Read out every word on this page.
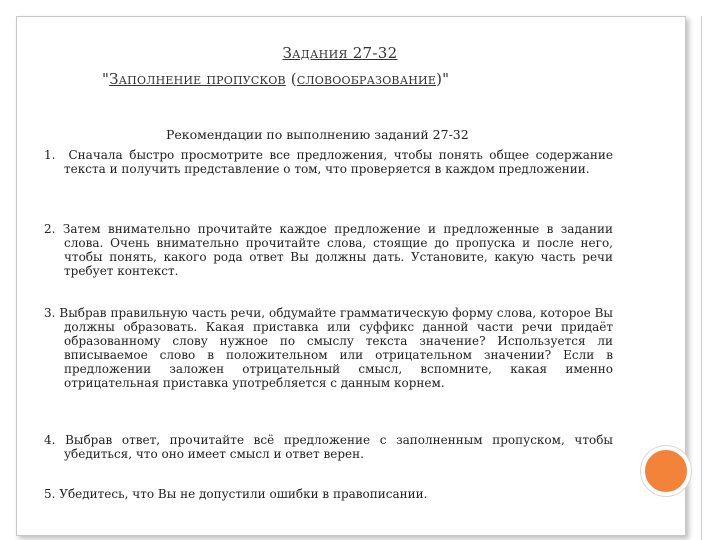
Задания 27-32
"Заполнение пропусков (словообразование)"
Рекомендации по выполнению заданий 27-32
1. Сначала быстро просмотрите все предложения, чтобы понять общее содержание текста и получить представление о том, что проверяется в каждом предложении.
2. Затем внимательно прочитайте каждое предложение и предложенные в задании слова. Очень внимательно прочитайте слова, стоящие до пропуска и после него, чтобы понять, какого рода ответ Вы должны дать. Установите, какую часть речи требует контекст.
3. Выбрав правильную часть речи, обдумайте грамматическую форму слова, которое Вы должны образовать. Какая приставка или суффикс данной части речи придаёт образованному слову нужное по смыслу текста значение? Используется ли вписываемое слово в положительном или отрицательном значении? Если в предложении заложен отрицательный смысл, вспомните, какая именно отрицательная приставка употребляется с данным корнем.
4. Выбрав ответ, прочитайте всё предложение с заполненным пропуском, чтобы убедиться, что оно имеет смысл и ответ верен.
5. Убедитесь, что Вы не допустили ошибки в правописании.
